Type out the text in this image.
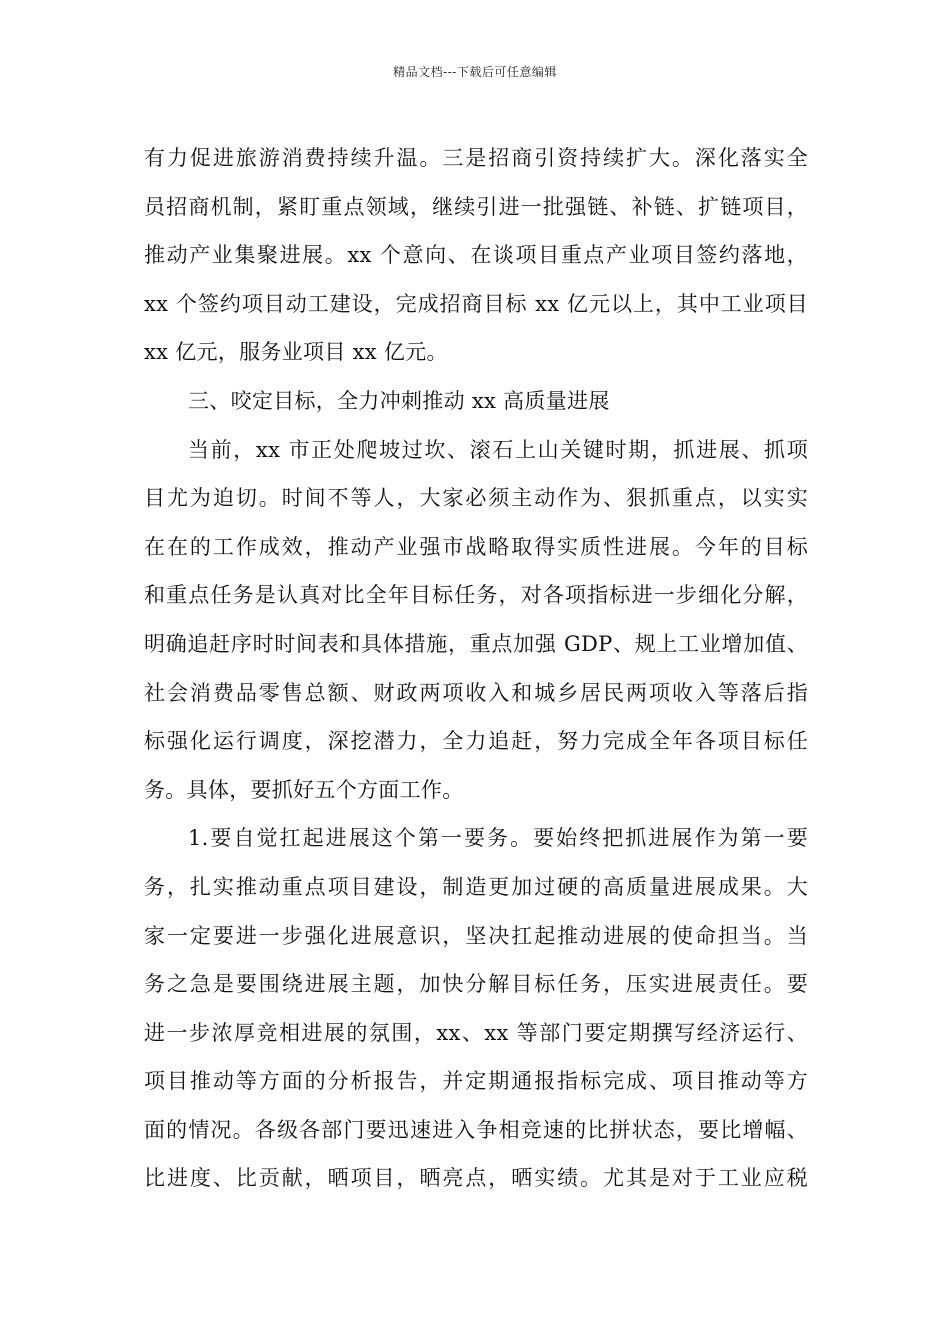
精品文档---下载后可任意编辑

有力促进旅游消费持续升温。三是招商引资持续扩大。深化落实全
员招商机制，紧盯重点领域，继续引进一批强链、补链、扩链项目，
推动产业集聚进展。xx 个意向、在谈项目重点产业项目签约落地，
xx 个签约项目动工建设，完成招商目标 xx 亿元以上，其中工业项目
xx 亿元，服务业项目 xx 亿元。

三、咬定目标，全力冲刺推动 xx 高质量进展

当前，xx 市正处爬坡过坎、滚石上山关键时期，抓进展、抓项
目尤为迫切。时间不等人，大家必须主动作为、狠抓重点，以实实
在在的工作成效，推动产业强市战略取得实质性进展。今年的目标
和重点任务是认真对比全年目标任务，对各项指标进一步细化分解，
明确追赶序时时间表和具体措施，重点加强 GDP、规上工业增加值、
社会消费品零售总额、财政两项收入和城乡居民两项收入等落后指
标强化运行调度，深挖潜力，全力追赶，努力完成全年各项目标任
务。具体，要抓好五个方面工作。

1.要自觉扛起进展这个第一要务。要始终把抓进展作为第一要
务，扎实推动重点项目建设，制造更加过硬的高质量进展成果。大
家一定要进一步强化进展意识，坚决扛起推动进展的使命担当。当
务之急是要围绕进展主题，加快分解目标任务，压实进展责任。要
进一步浓厚竞相进展的氛围，xx、xx 等部门要定期撰写经济运行、
项目推动等方面的分析报告，并定期通报指标完成、项目推动等方
面的情况。各级各部门要迅速进入争相竞速的比拼状态，要比增幅、
比进度、比贡献，晒项目，晒亮点，晒实绩。尤其是对于工业应税
